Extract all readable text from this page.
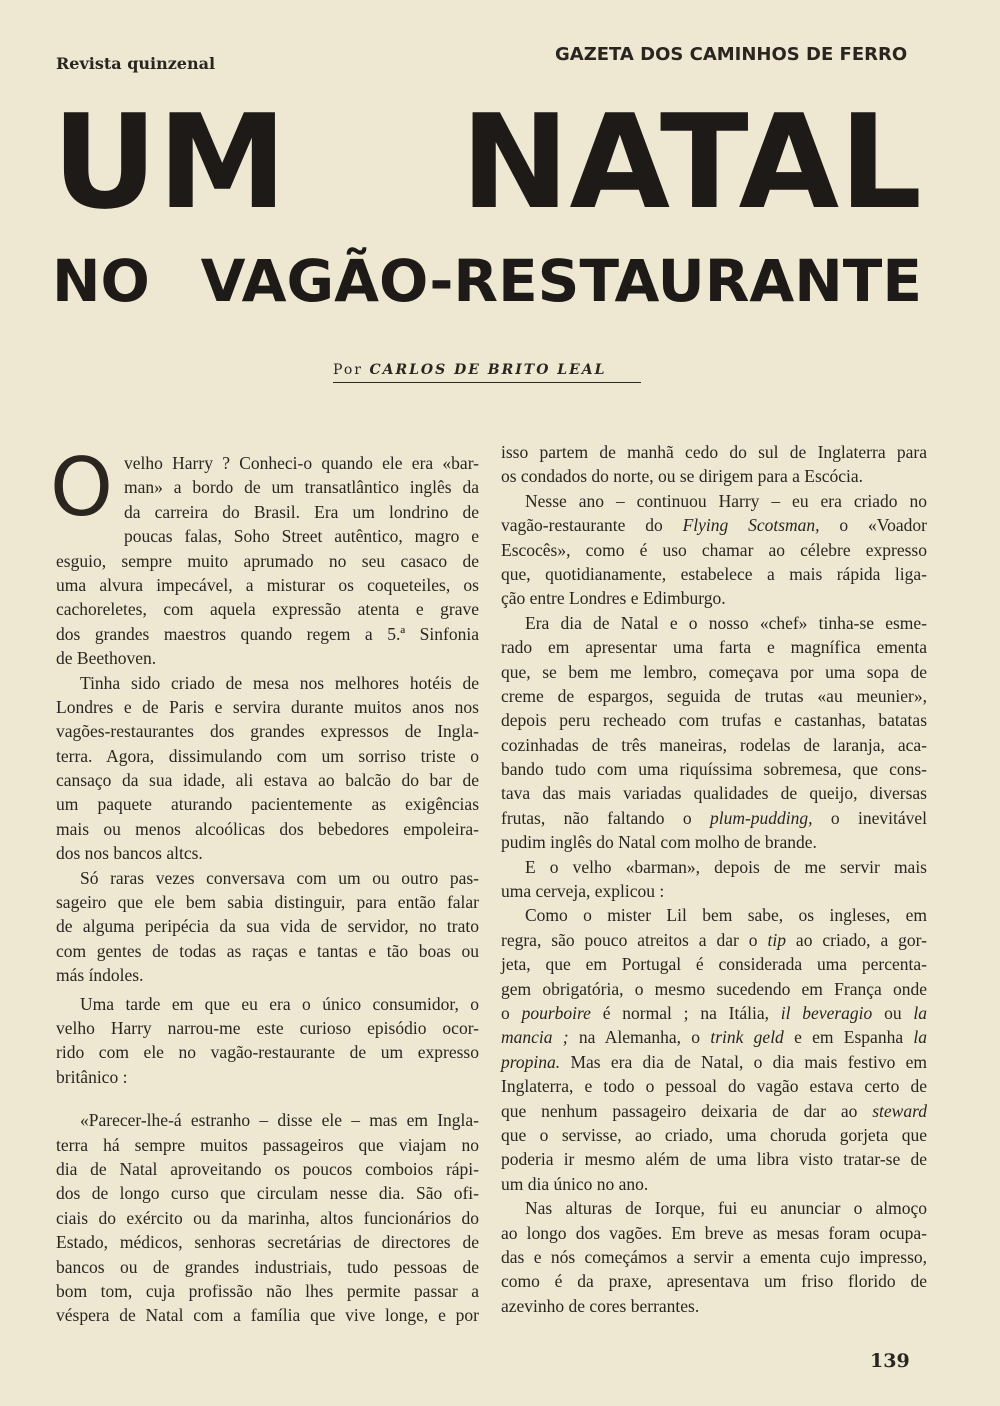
Revista quinzenal	GAZETA DOS CAMINHOS DE FERRO
UM NATAL
NO VAGÃO-RESTAURANTE
Por CARLOS DE BRITO LEAL
O velho Harry ? Conheci-o quando ele era «bar-
man» a bordo de um transatlântico inglês da
da carreira do Brasil. Era um londrino de
poucas falas, Soho Street autêntico, magro e
esguio, sempre muito aprumado no seu casaco de
uma alvura impecável, a misturar os coqueteiles, os
cachoreletes, com aquela expressão atenta e grave
dos grandes maestros quando regem a 5.ª Sinfonia
de Beethoven.
Tinha sido criado de mesa nos melhores hotéis de
Londres e de Paris e servira durante muitos anos nos
vagões-restaurantes dos grandes expressos de Ingla-
terra. Agora, dissimulando com um sorriso triste o
cansaço da sua idade, ali estava ao balcão do bar de
um paquete aturando pacientemente as exigências
mais ou menos alcoólicas dos bebedores empoleira-
dos nos bancos altcs.
Só raras vezes conversava com um ou outro pas-
sageiro que ele bem sabia distinguir, para então falar
de alguma peripécia da sua vida de servidor, no trato
com gentes de todas as raças e tantas e tão boas ou
más índoles.
Uma tarde em que eu era o único consumidor, o
velho Harry narrou-me este curioso episódio ocor-
rido com ele no vagão-restaurante de um expresso
britânico :
«Parecer-lhe-á estranho – disse ele – mas em Ingla-
terra há sempre muitos passageiros que viajam no
dia de Natal aproveitando os poucos comboios rápi-
dos de longo curso que circulam nesse dia. São ofi-
ciais do exército ou da marinha, altos funcionários do
Estado, médicos, senhoras secretárias de directores de
bancos ou de grandes industriais, tudo pessoas de
bom tom, cuja profissão não lhes permite passar a
véspera de Natal com a família que vive longe, e por
isso partem de manhã cedo do sul de Inglaterra para
os condados do norte, ou se dirigem para a Escócia.
Nesse ano – continuou Harry – eu era criado no
vagão-restaurante do Flying Scotsman, o «Voador
Escocês», como é uso chamar ao célebre expresso
que, quotidianamente, estabelece a mais rápida liga-
ção entre Londres e Edimburgo.
Era dia de Natal e o nosso «chef» tinha-se esme-
rado em apresentar uma farta e magnífica ementa
que, se bem me lembro, começava por uma sopa de
creme de espargos, seguida de trutas «au meunier»,
depois peru recheado com trufas e castanhas, batatas
cozinhadas de três maneiras, rodelas de laranja, aca-
bando tudo com uma riquíssima sobremesa, que cons-
tava das mais variadas qualidades de queijo, diversas
frutas, não faltando o plum-pudding, o inevitável
pudim inglês do Natal com molho de brande.
E o velho «barman», depois de me servir mais
uma cerveja, explicou :
Como o mister Lil bem sabe, os ingleses, em
regra, são pouco atreitos a dar o tip ao criado, a gor-
jeta, que em Portugal é considerada uma percenta-
gem obrigatória, o mesmo sucedendo em França onde
o pourboire é normal ; na Itália, il beveragio ou la
mancia ; na Alemanha, o trink geld e em Espanha la
propina. Mas era dia de Natal, o dia mais festivo em
Inglaterra, e todo o pessoal do vagão estava certo de
que nenhum passageiro deixaria de dar ao steward
que o servisse, ao criado, uma choruda gorjeta que
poderia ir mesmo além de uma libra visto tratar-se de
um dia único no ano.
Nas alturas de Iorque, fui eu anunciar o almoço
ao longo dos vagões. Em breve as mesas foram ocupa-
das e nós começámos a servir a ementa cujo impresso,
como é da praxe, apresentava um friso florido de
azevinho de cores berrantes.
139
